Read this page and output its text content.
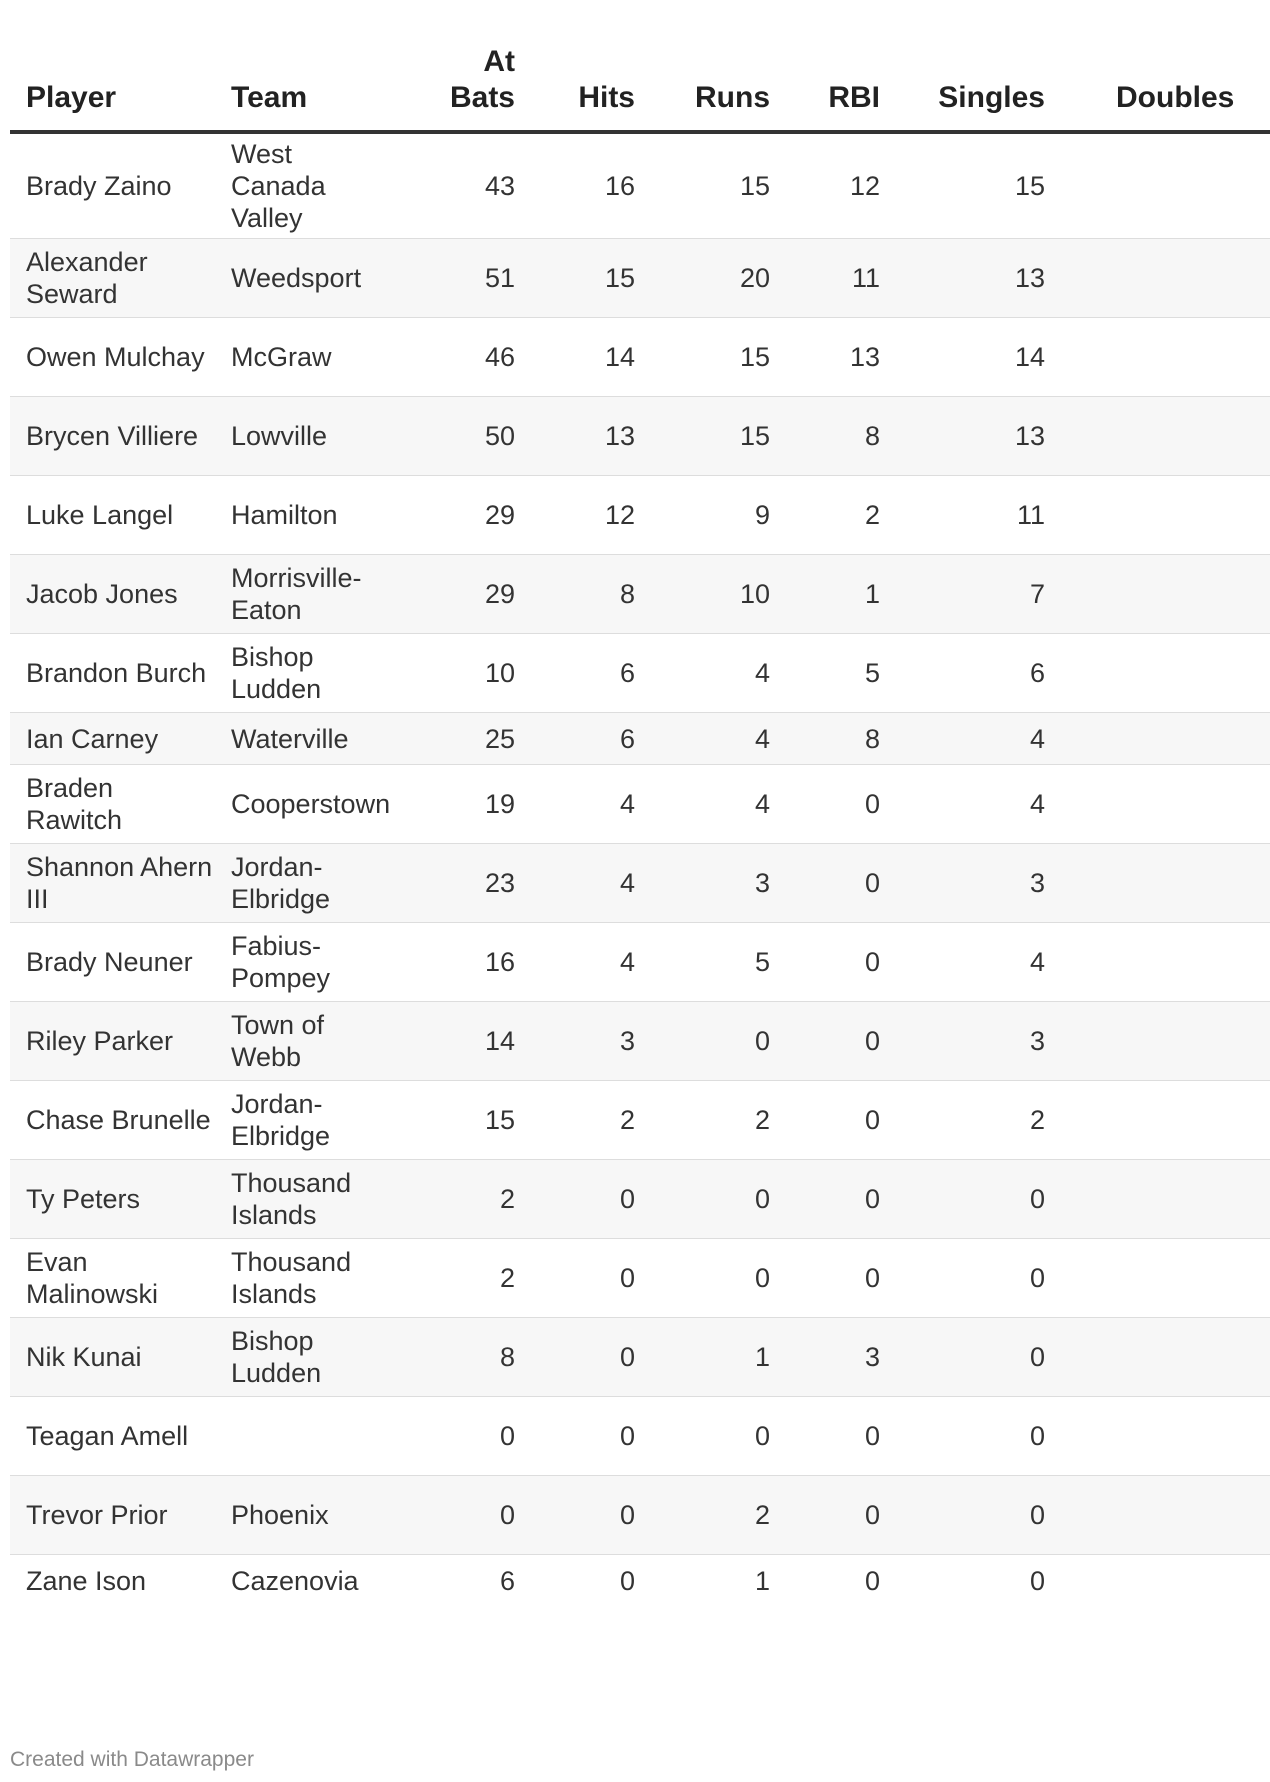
Player	Team	At Bats	Hits	Runs	RBI	Singles	Doubles
Brady Zaino	West Canada Valley	43	16	15	12	15	
Alexander Seward	Weedsport	51	15	20	11	13	
Owen Mulchay	McGraw	46	14	15	13	14	
Brycen Villiere	Lowville	50	13	15	8	13	
Luke Langel	Hamilton	29	12	9	2	11	
Jacob Jones	Morrisville-Eaton	29	8	10	1	7	
Brandon Burch	Bishop Ludden	10	6	4	5	6	
Ian Carney	Waterville	25	6	4	8	4	
Braden Rawitch	Cooperstown	19	4	4	0	4	
Shannon Ahern III	Jordan-Elbridge	23	4	3	0	3	
Brady Neuner	Fabius-Pompey	16	4	5	0	4	
Riley Parker	Town of Webb	14	3	0	0	3	
Chase Brunelle	Jordan-Elbridge	15	2	2	0	2	
Ty Peters	Thousand Islands	2	0	0	0	0	
Evan Malinowski	Thousand Islands	2	0	0	0	0	
Nik Kunai	Bishop Ludden	8	0	1	3	0	
Teagan Amell		0	0	0	0	0	
Trevor Prior	Phoenix	0	0	2	0	0	
Zane Ison	Cazenovia	6	0	1	0	0	
Created with Datawrapper
